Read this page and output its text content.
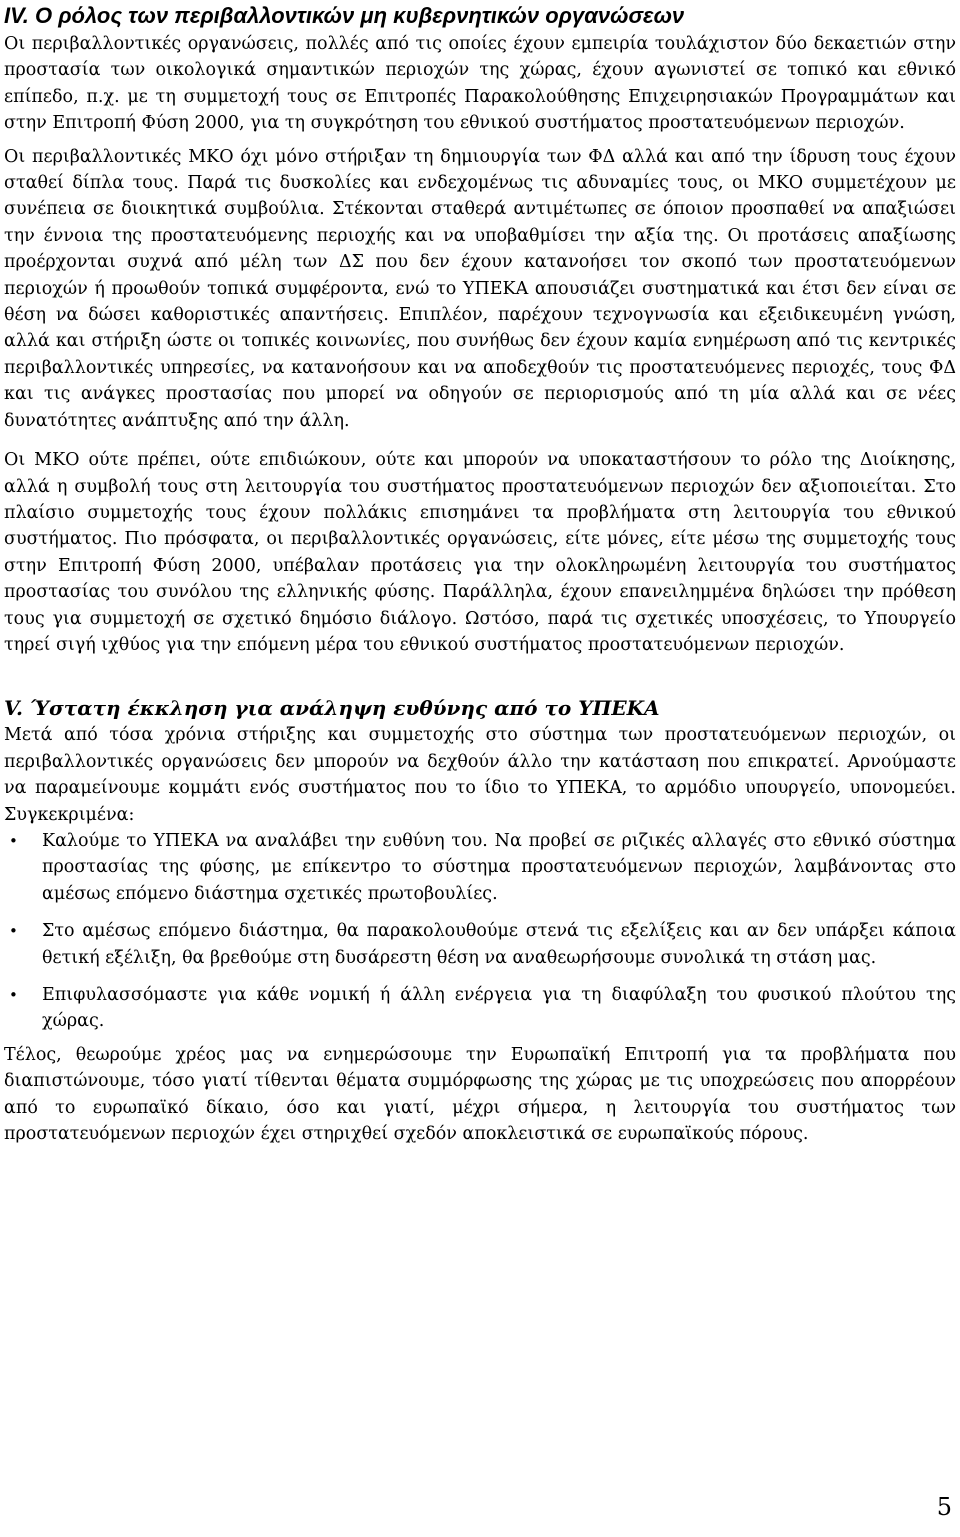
IV. Ο ρόλος των περιβαλλοντικών μη κυβερνητικών οργανώσεων

Οι περιβαλλοντικές οργανώσεις, πολλές από τις οποίες έχουν εμπειρία τουλάχιστον δύο δεκαετιών στην προστασία των οικολογικά σημαντικών περιοχών της χώρας, έχουν αγωνιστεί σε τοπικό και εθνικό επίπεδο, π.χ. με τη συμμετοχή τους σε Επιτροπές Παρακολούθησης Επιχειρησιακών Προγραμμάτων και στην Επιτροπή Φύση 2000, για τη συγκρότηση του εθνικού συστήματος προστατευόμενων περιοχών.

Οι περιβαλλοντικές ΜΚΟ όχι μόνο στήριξαν τη δημιουργία των ΦΔ αλλά και από την ίδρυση τους έχουν σταθεί δίπλα τους. Παρά τις δυσκολίες και ενδεχομένως τις αδυναμίες τους, οι ΜΚΟ συμμετέχουν με συνέπεια σε διοικητικά συμβούλια. Στέκονται σταθερά αντιμέτωπες σε όποιον προσπαθεί να απαξιώσει την έννοια της προστατευόμενης περιοχής και να υποβαθμίσει την αξία της. Οι προτάσεις απαξίωσης προέρχονται συχνά από μέλη των ΔΣ που δεν έχουν κατανοήσει τον σκοπό των προστατευόμενων περιοχών ή προωθούν τοπικά συμφέροντα, ενώ το ΥΠΕΚΑ απουσιάζει συστηματικά και έτσι δεν είναι σε θέση να δώσει καθοριστικές απαντήσεις. Επιπλέον, παρέχουν τεχνογνωσία και εξειδικευμένη γνώση, αλλά και στήριξη ώστε οι τοπικές κοινωνίες, που συνήθως δεν έχουν καμία ενημέρωση από τις κεντρικές περιβαλλοντικές υπηρεσίες, να κατανοήσουν και να αποδεχθούν τις προστατευόμενες περιοχές, τους ΦΔ και τις ανάγκες προστασίας που μπορεί να οδηγούν σε περιορισμούς από τη μία αλλά και σε νέες δυνατότητες ανάπτυξης από την άλλη.

Οι ΜΚΟ ούτε πρέπει, ούτε επιδιώκουν, ούτε και μπορούν να υποκαταστήσουν το ρόλο της Διοίκησης, αλλά η συμβολή τους στη λειτουργία του συστήματος προστατευόμενων περιοχών δεν αξιοποιείται. Στο πλαίσιο συμμετοχής τους έχουν πολλάκις επισημάνει τα προβλήματα στη λειτουργία του εθνικού συστήματος. Πιο πρόσφατα, οι περιβαλλοντικές οργανώσεις, είτε μόνες, είτε μέσω της συμμετοχής τους στην Επιτροπή Φύση 2000, υπέβαλαν προτάσεις για την ολοκληρωμένη λειτουργία του συστήματος προστασίας του συνόλου της ελληνικής φύσης. Παράλληλα, έχουν επανειλημμένα δηλώσει την πρόθεση τους για συμμετοχή σε σχετικό δημόσιο διάλογο. Ωστόσο, παρά τις σχετικές υποσχέσεις, το Υπουργείο τηρεί σιγή ιχθύος για την επόμενη μέρα του εθνικού συστήματος προστατευόμενων περιοχών.

V. Ύστατη έκκληση για ανάληψη ευθύνης από το ΥΠΕΚΑ

Μετά από τόσα χρόνια στήριξης και συμμετοχής στο σύστημα των προστατευόμενων περιοχών, οι περιβαλλοντικές οργανώσεις δεν μπορούν να δεχθούν άλλο την κατάσταση που επικρατεί. Αρνούμαστε να παραμείνουμε κομμάτι ενός συστήματος που το ίδιο το ΥΠΕΚΑ, το αρμόδιο υπουργείο, υπονομεύει. Συγκεκριμένα:

• Καλούμε το ΥΠΕΚΑ να αναλάβει την ευθύνη του. Να προβεί σε ριζικές αλλαγές στο εθνικό σύστημα προστασίας της φύσης, με επίκεντρο το σύστημα προστατευόμενων περιοχών, λαμβάνοντας στο αμέσως επόμενο διάστημα σχετικές πρωτοβουλίες.
• Στο αμέσως επόμενο διάστημα, θα παρακολουθούμε στενά τις εξελίξεις και αν δεν υπάρξει κάποια θετική εξέλιξη, θα βρεθούμε στη δυσάρεστη θέση να αναθεωρήσουμε συνολικά τη στάση μας.
• Επιφυλασσόμαστε για κάθε νομική ή άλλη ενέργεια για τη διαφύλαξη του φυσικού πλούτου της χώρας.

Τέλος, θεωρούμε χρέος μας να ενημερώσουμε την Ευρωπαϊκή Επιτροπή για τα προβλήματα που διαπιστώνουμε, τόσο γιατί τίθενται θέματα συμμόρφωσης της χώρας με τις υποχρεώσεις που απορρέουν από το ευρωπαϊκό δίκαιο, όσο και γιατί, μέχρι σήμερα, η λειτουργία του συστήματος των προστατευόμενων περιοχών έχει στηριχθεί σχεδόν αποκλειστικά σε ευρωπαϊκούς πόρους.

5
